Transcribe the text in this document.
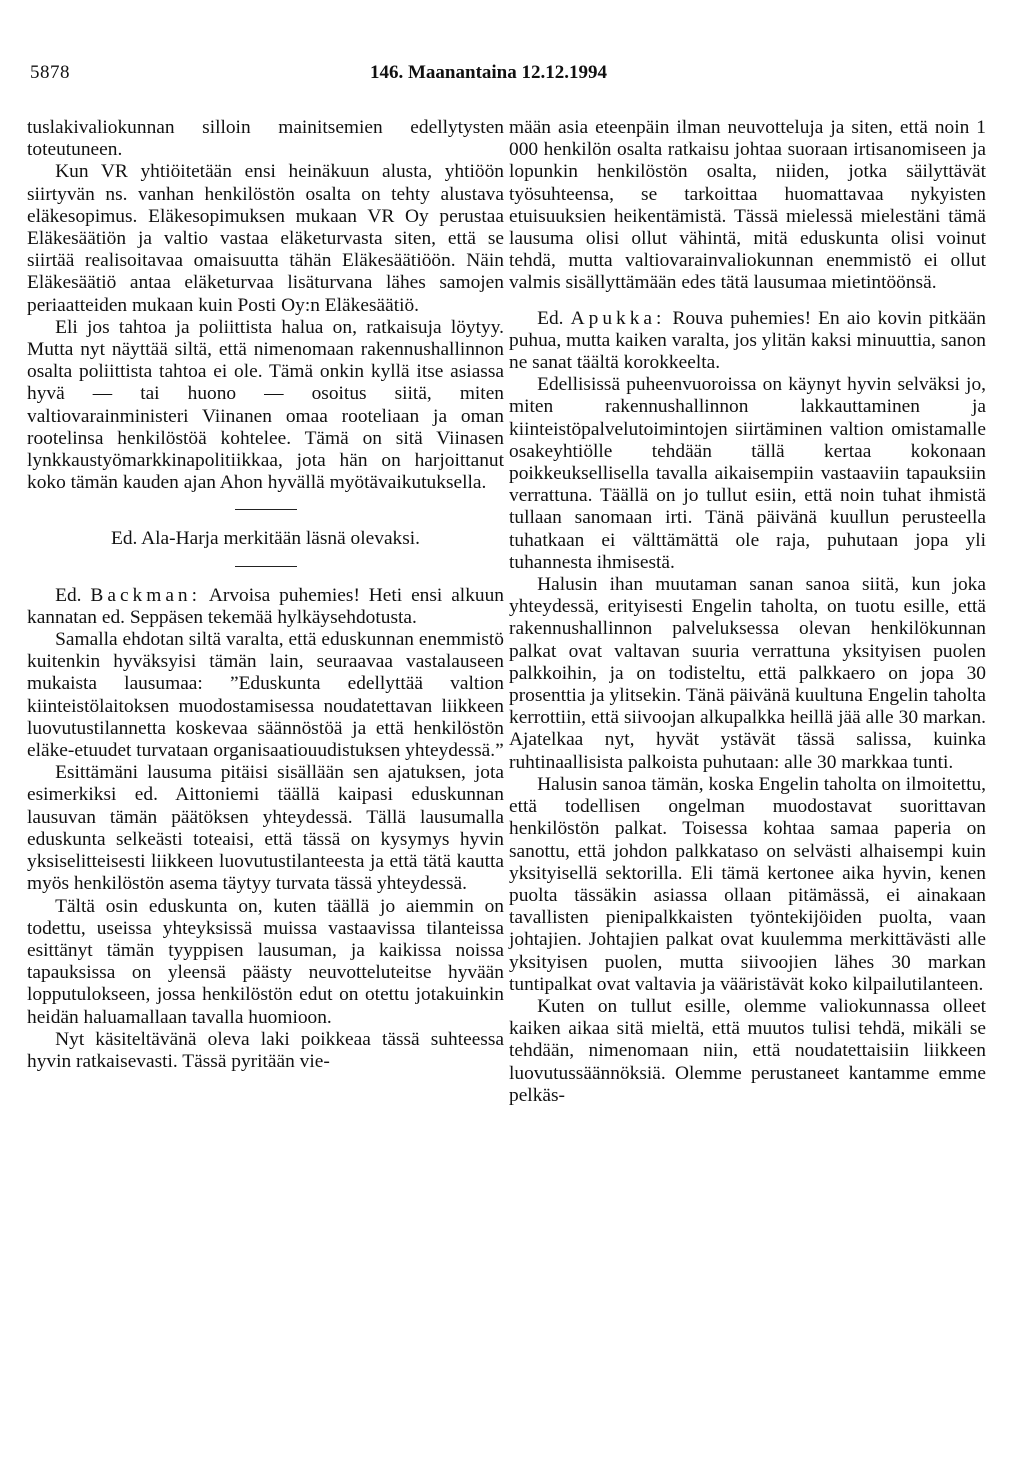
5878	146. Maanantaina 12.12.1994

tuslakivaliokunnan silloin mainitsemien edellytysten toteutuneen.

Kun VR yhtiöitetään ensi heinäkuun alusta, yhtiöön siirtyvän ns. vanhan henkilöstön osalta on tehty alustava eläkesopimus. Eläkesopimuksen mukaan VR Oy perustaa Eläkesäätiön ja valtio vastaa eläketurvasta siten, että se siirtää realisoitavaa omaisuutta tähän Eläkesäätiöön. Näin Eläkesäätiö antaa eläketurvaa lisäturvana lähes samojen periaatteiden mukaan kuin Posti Oy:n Eläkesäätiö.

Eli jos tahtoa ja poliittista halua on, ratkaisuja löytyy. Mutta nyt näyttää siltä, että nimenomaan rakennushallinnon osalta poliittista tahtoa ei ole. Tämä onkin kyllä itse asiassa hyvä — tai huono — osoitus siitä, miten valtiovarainministeri Viinanen omaa rooteliaan ja oman rootelinsa henkilöstöä kohtelee. Tämä on sitä Viinasen lynkkaustyömarkkinapolitiikkaa, jota hän on harjoittanut koko tämän kauden ajan Ahon hyvällä myötävaikutuksella.

Ed. Ala-Harja merkitään läsnä olevaksi.

Ed. Backman: Arvoisa puhemies! Heti ensi alkuun kannatan ed. Seppäsen tekemää hylkäysehdotusta.

Samalla ehdotan siltä varalta, että eduskunnan enemmistö kuitenkin hyväksyisi tämän lain, seuraavaa vastalauseen mukaista lausumaa: ”Eduskunta edellyttää valtion kiinteistölaitoksen muodostamisessa noudatettavan liikkeen luovutustilannetta koskevaa säännöstöä ja että henkilöstön eläke-etuudet turvataan organisaatiouudistuksen yhteydessä.”

Esittämäni lausuma pitäisi sisällään sen ajatuksen, jota esimerkiksi ed. Aittoniemi täällä kaipasi eduskunnan lausuvan tämän päätöksen yhteydessä. Tällä lausumalla eduskunta selkeästi toteaisi, että tässä on kysymys hyvin yksiselitteisesti liikkeen luovutustilanteesta ja että tätä kautta myös henkilöstön asema täytyy turvata tässä yhteydessä.

Tältä osin eduskunta on, kuten täällä jo aiemmin on todettu, useissa yhteyksissä muissa vastaavissa tilanteissa esittänyt tämän tyyppisen lausuman, ja kaikissa noissa tapauksissa on yleensä päästy neuvotteluteitse hyvään lopputulokseen, jossa henkilöstön edut on otettu jotakuinkin heidän haluamallaan tavalla huomioon.

Nyt käsiteltävänä oleva laki poikkeaa tässä suhteessa hyvin ratkaisevasti. Tässä pyritään vie-

mään asia eteenpäin ilman neuvotteluja ja siten, että noin 1 000 henkilön osalta ratkaisu johtaa suoraan irtisanomiseen ja lopunkin henkilöstön osalta, niiden, jotka säilyttävät työsuhteensa, se tarkoittaa huomattavaa nykyisten etuisuuksien heikentämistä. Tässä mielessä mielestäni tämä lausuma olisi ollut vähintä, mitä eduskunta olisi voinut tehdä, mutta valtiovarainvaliokunnan enemmistö ei ollut valmis sisällyttämään edes tätä lausumaa mietintöönsä.

Ed. Apukka: Rouva puhemies! En aio kovin pitkään puhua, mutta kaiken varalta, jos ylitän kaksi minuuttia, sanon ne sanat täältä korokkeelta.

Edellisissä puheenvuoroissa on käynyt hyvin selväksi jo, miten rakennushallinnon lakkauttaminen ja kiinteistöpalvelutoimintojen siirtäminen valtion omistamalle osakeyhtiölle tehdään tällä kertaa kokonaan poikkeuksellisella tavalla aikaisempiin vastaaviin tapauksiin verrattuna. Täällä on jo tullut esiin, että noin tuhat ihmistä tullaan sanomaan irti. Tänä päivänä kuullun perusteella tuhatkaan ei välttämättä ole raja, puhutaan jopa yli tuhannesta ihmisestä.

Halusin ihan muutaman sanan sanoa siitä, kun joka yhteydessä, erityisesti Engelin taholta, on tuotu esille, että rakennushallinnon palveluksessa olevan henkilökunnan palkat ovat valtavan suuria verrattuna yksityisen puolen palkkoihin, ja on todisteltu, että palkkaero on jopa 30 prosenttia ja ylitsekin. Tänä päivänä kuultuna Engelin taholta kerrottiin, että siivoojan alkupalkka heillä jää alle 30 markan. Ajatelkaa nyt, hyvät ystävät tässä salissa, kuinka ruhtinaallisista palkoista puhutaan: alle 30 markkaa tunti.

Halusin sanoa tämän, koska Engelin taholta on ilmoitettu, että todellisen ongelman muodostavat suorittavan henkilöstön palkat. Toisessa kohtaa samaa paperia on sanottu, että johdon palkkataso on selvästi alhaisempi kuin yksityisellä sektorilla. Eli tämä kertonee aika hyvin, kenen puolta tässäkin asiassa ollaan pitämässä, ei ainakaan tavallisten pienipalkkaisten työntekijöiden puolta, vaan johtajien. Johtajien palkat ovat kuulemma merkittävästi alle yksityisen puolen, mutta siivoojien lähes 30 markan tuntipalkat ovat valtavia ja vääristävät koko kilpailutilanteen.

Kuten on tullut esille, olemme valiokunnassa olleet kaiken aikaa sitä mieltä, että muutos tulisi tehdä, mikäli se tehdään, nimenomaan niin, että noudatettaisiin liikkeen luovutussäännöksiä. Olemme perustaneet kantamme emme pelkäs-
